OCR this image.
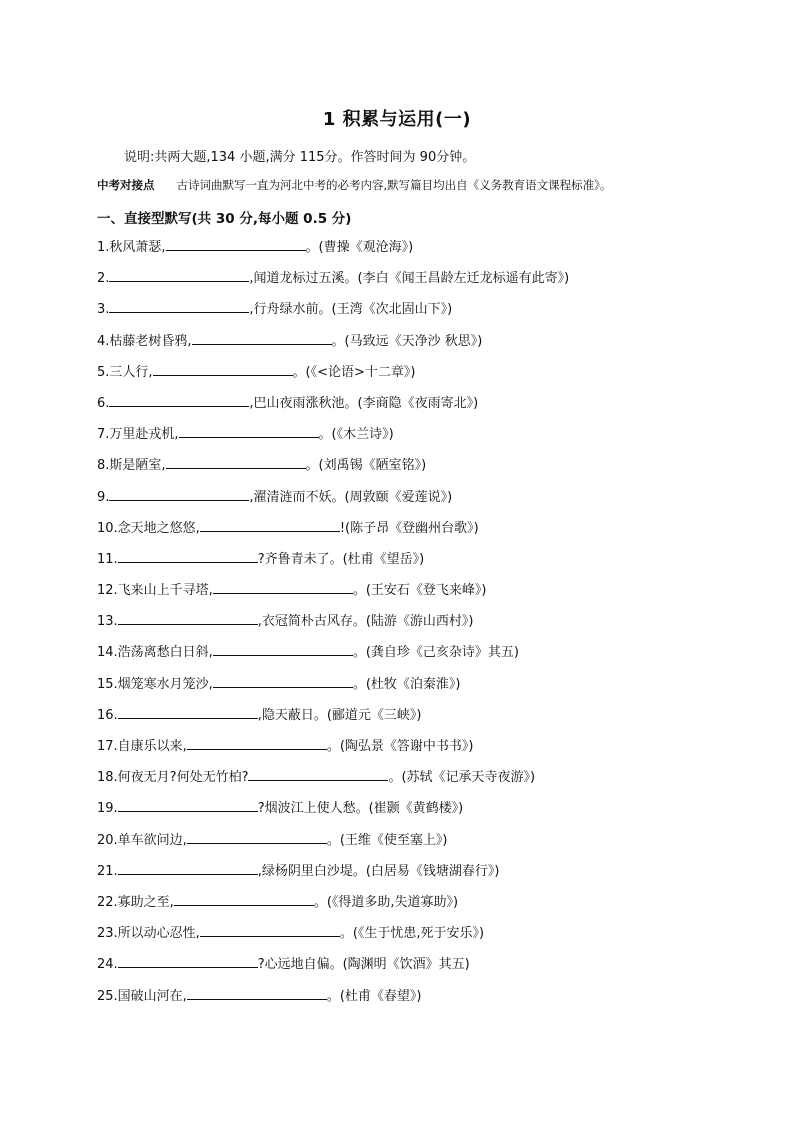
1 积累与运用(一)
说明:共两大题,134 小题,满分 115分。作答时间为 90分钟。
中考对接点 古诗词曲默写一直为河北中考的必考内容,默写篇目均出自《义务教育语文课程标准》。
一、直接型默写(共 30 分,每小题 0.5 分)
1.秋风萧瑟,	。(曹操《观沧海》)
2.	,闻道龙标过五溪。(李白《闻王昌龄左迁龙标遥有此寄》)
3.	,行舟绿水前。(王湾《次北固山下》)
4.枯藤老树昏鸦,	。(马致远《天净沙 秋思》)
5.三人行,	。(《<论语>十二章》)
6.	,巴山夜雨涨秋池。(李商隐《夜雨寄北》)
7.万里赴戎机,	。(《木兰诗》)
8.斯是陋室,	。(刘禹锡《陋室铭》)
9.	,濯清涟而不妖。(周敦颐《爱莲说》)
10.念天地之悠悠,	!(陈子昂《登幽州台歌》)
11.	?齐鲁青未了。(杜甫《望岳》)
12.飞来山上千寻塔,	。(王安石《登飞来峰》)
13.	,衣冠简朴古风存。(陆游《游山西村》)
14.浩荡离愁白日斜,	。(龚自珍《己亥杂诗》其五)
15.烟笼寒水月笼沙,	。(杜牧《泊秦淮》)
16.	,隐天蔽日。(郦道元《三峡》)
17.自康乐以来,	。(陶弘景《答谢中书书》)
18.何夜无月?何处无竹柏?	。(苏轼《记承天寺夜游》)
19.	?烟波江上使人愁。(崔颢《黄鹤楼》)
20.单车欲问边,	。(王维《使至塞上》)
21.	,绿杨阴里白沙堤。(白居易《钱塘湖春行》)
22.寡助之至,	。(《得道多助,失道寡助》)
23.所以动心忍性,	。(《生于忧患,死于安乐》)
24.	?心远地自偏。(陶渊明《饮酒》其五)
25.国破山河在,	。(杜甫《春望》)
